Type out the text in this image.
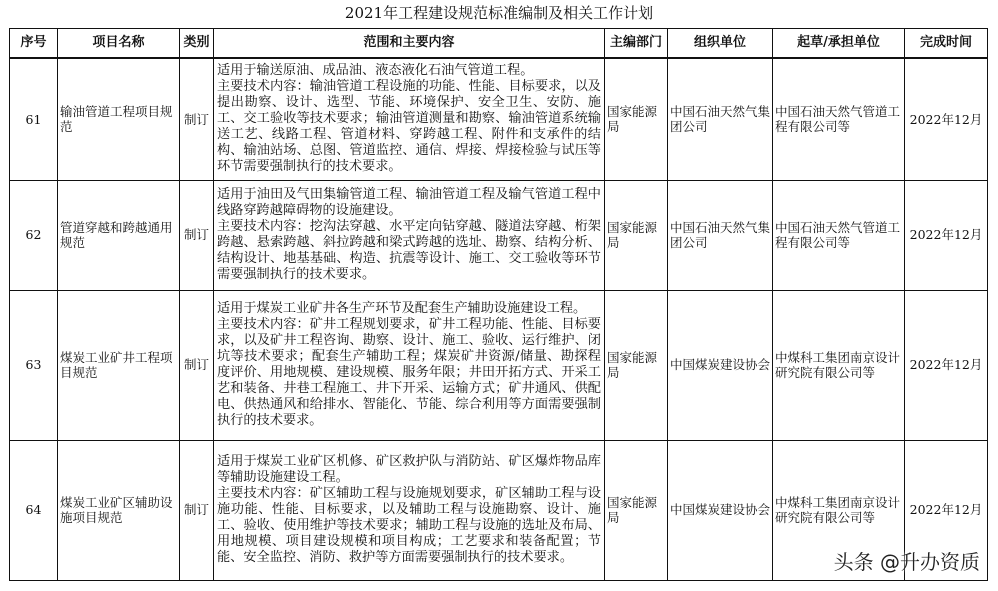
2021年工程建设规范标准编制及相关工作计划
序号	项目名称	类别	范围和主要内容	主编部门	组织单位	起草/承担单位	完成时间
61	输油管道工程项目规范	制订	适用于输送原油、成品油、液态液化石油气管道工程。

主要技术内容：输油管道工程设施的功能、性能、目标要求，以及提出勘察、设计、选型、节能、环境保护、安全卫生、安防、施工、交工验收等技术要求；输油管道测量和勘察、输油管道系统输送工艺、线路工程、管道材料、穿跨越工程、附件和支承件的结构、输油站场、总图、管道监控、通信、焊接、焊接检验与试压等环节需要强制执行的技术要求。	国家能源局	中国石油天然气集团公司	中国石油天然气管道工程有限公司等	2022年12月
62	管道穿越和跨越通用规范	制订	适用于油田及气田集输管道工程、输油管道工程及输气管道工程中线路穿跨越障碍物的设施建设。

主要技术内容：挖沟法穿越、水平定向钻穿越、隧道法穿越、桁架跨越、悬索跨越、斜拉跨越和梁式跨越的选址、勘察、结构分析、结构设计、地基基础、构造、抗震等设计、施工、交工验收等环节需要强制执行的技术要求。	国家能源局	中国石油天然气集团公司	中国石油天然气管道工程有限公司等	2022年12月
63	煤炭工业矿井工程项目规范	制订	适用于煤炭工业矿井各生产环节及配套生产辅助设施建设工程。

主要技术内容：矿井工程规划要求，矿井工程功能、性能、目标要求，以及矿井工程咨询、勘察、设计、施工、验收、运行维护、闭坑等技术要求；配套生产辅助工程；煤炭矿井资源/储量、勘探程度评价、用地规模、建设规模、服务年限；井田开拓方式、开采工艺和装备、井巷工程施工、井下开采、运输方式；矿井通风、供配电、供热通风和给排水、智能化、节能、综合利用等方面需要强制执行的技术要求。	国家能源局	中国煤炭建设协会	中煤科工集团南京设计研究院有限公司等	2022年12月
64	煤炭工业矿区辅助设施项目规范	制订	适用于煤炭工业矿区机修、矿区救护队与消防站、矿区爆炸物品库等辅助设施建设工程。

主要技术内容：矿区辅助工程与设施规划要求，矿区辅助工程与设施功能、性能、目标要求，以及辅助工程与设施勘察、设计、施工、验收、使用维护等技术要求；辅助工程与设施的选址及布局、用地规模、项目建设规模和项目构成；工艺要求和装备配置；节能、安全监控、消防、救护等方面需要强制执行的技术要求。	国家能源局	中国煤炭建设协会	中煤科工集团南京设计研究院有限公司等	2022年12月
头条 @升办资质
